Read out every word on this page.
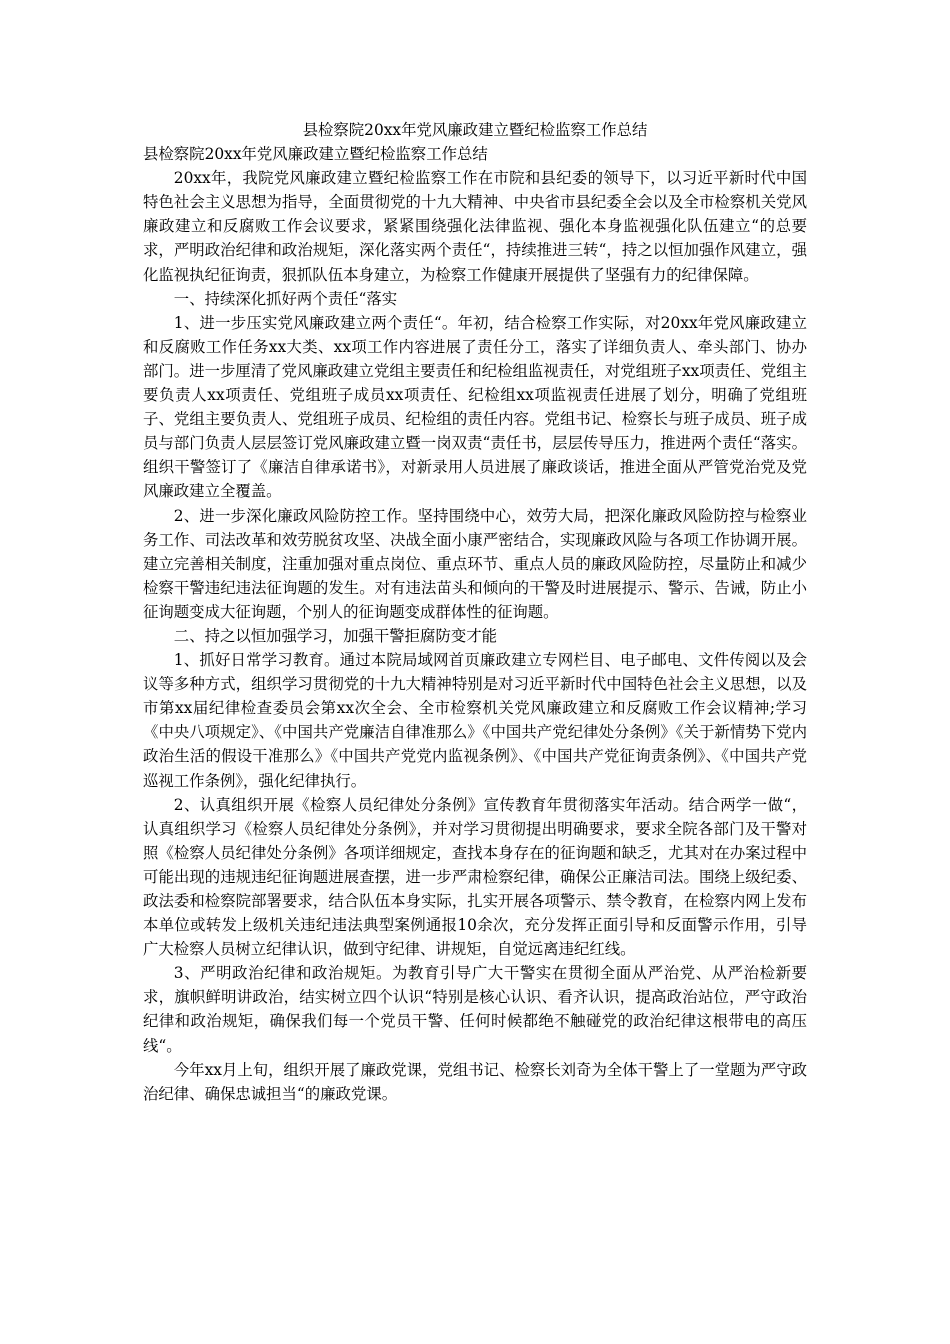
县检察院20xx年党风廉政建立暨纪检监察工作总结

县检察院20xx年党风廉政建立暨纪检监察工作总结

20xx年，我院党风廉政建立暨纪检监察工作在市院和县纪委的领导下，以习近平新时代中国特色社会主义思想为指导，全面贯彻党的十九大精神、中央省市县纪委全会以及全市检察机关党风廉政建立和反腐败工作会议要求，紧紧围绕强化法律监视、强化本身监视强化队伍建立“的总要求，严明政治纪律和政治规矩，深化落实两个责任“，持续推进三转“，持之以恒加强作风建立，强化监视执纪征询责，狠抓队伍本身建立，为检察工作健康开展提供了坚强有力的纪律保障。

一、持续深化抓好两个责任“落实

1、进一步压实党风廉政建立两个责任“。年初，结合检察工作实际，对20xx年党风廉政建立和反腐败工作任务xx大类、xx项工作内容进展了责任分工，落实了详细负责人、牵头部门、协办部门。进一步厘清了党风廉政建立党组主要责任和纪检组监视责任，对党组班子xx项责任、党组主要负责人xx项责任、党组班子成员xx项责任、纪检组xx项监视责任进展了划分，明确了党组班子、党组主要负责人、党组班子成员、纪检组的责任内容。党组书记、检察长与班子成员、班子成员与部门负责人层层签订党风廉政建立暨一岗双责“责任书，层层传导压力，推进两个责任“落实。组织干警签订了《廉洁自律承诺书》，对新录用人员进展了廉政谈话，推进全面从严管党治党及党风廉政建立全覆盖。

2、进一步深化廉政风险防控工作。坚持围绕中心，效劳大局，把深化廉政风险防控与检察业务工作、司法改革和效劳脱贫攻坚、决战全面小康严密结合，实现廉政风险与各项工作协调开展。建立完善相关制度，注重加强对重点岗位、重点环节、重点人员的廉政风险防控，尽量防止和减少检察干警违纪违法征询题的发生。对有违法苗头和倾向的干警及时进展提示、警示、告诫，防止小征询题变成大征询题，个别人的征询题变成群体性的征询题。

二、持之以恒加强学习，加强干警拒腐防变才能

1、抓好日常学习教育。通过本院局域网首页廉政建立专网栏目、电子邮电、文件传阅以及会议等多种方式，组织学习贯彻党的十九大精神特别是对习近平新时代中国特色社会主义思想，以及市第xx届纪律检查委员会第xx次全会、全市检察机关党风廉政建立和反腐败工作会议精神;学习《中央八项规定》、《中国共产党廉洁自律准那么》《中国共产党纪律处分条例》《关于新情势下党内政治生活的假设干准那么》《中国共产党党内监视条例》、《中国共产党征询责条例》、《中国共产党巡视工作条例》，强化纪律执行。

2、认真组织开展《检察人员纪律处分条例》宣传教育年贯彻落实年活动。结合两学一做“，认真组织学习《检察人员纪律处分条例》，并对学习贯彻提出明确要求，要求全院各部门及干警对照《检察人员纪律处分条例》各项详细规定，查找本身存在的征询题和缺乏，尤其对在办案过程中可能出现的违规违纪征询题进展查摆，进一步严肃检察纪律，确保公正廉洁司法。围绕上级纪委、政法委和检察院部署要求，结合队伍本身实际，扎实开展各项警示、禁令教育，在检察内网上发布本单位或转发上级机关违纪违法典型案例通报10余次，充分发挥正面引导和反面警示作用，引导广大检察人员树立纪律认识，做到守纪律、讲规矩，自觉远离违纪红线。

3、严明政治纪律和政治规矩。为教育引导广大干警实在贯彻全面从严治党、从严治检新要求，旗帜鲜明讲政治，结实树立四个认识“特别是核心认识、看齐认识，提高政治站位，严守政治纪律和政治规矩，确保我们每一个党员干警、任何时候都绝不触碰党的政治纪律这根带电的高压线“。

今年xx月上旬，组织开展了廉政党课，党组书记、检察长刘奇为全体干警上了一堂题为严守政治纪律、确保忠诚担当“的廉政党课。
